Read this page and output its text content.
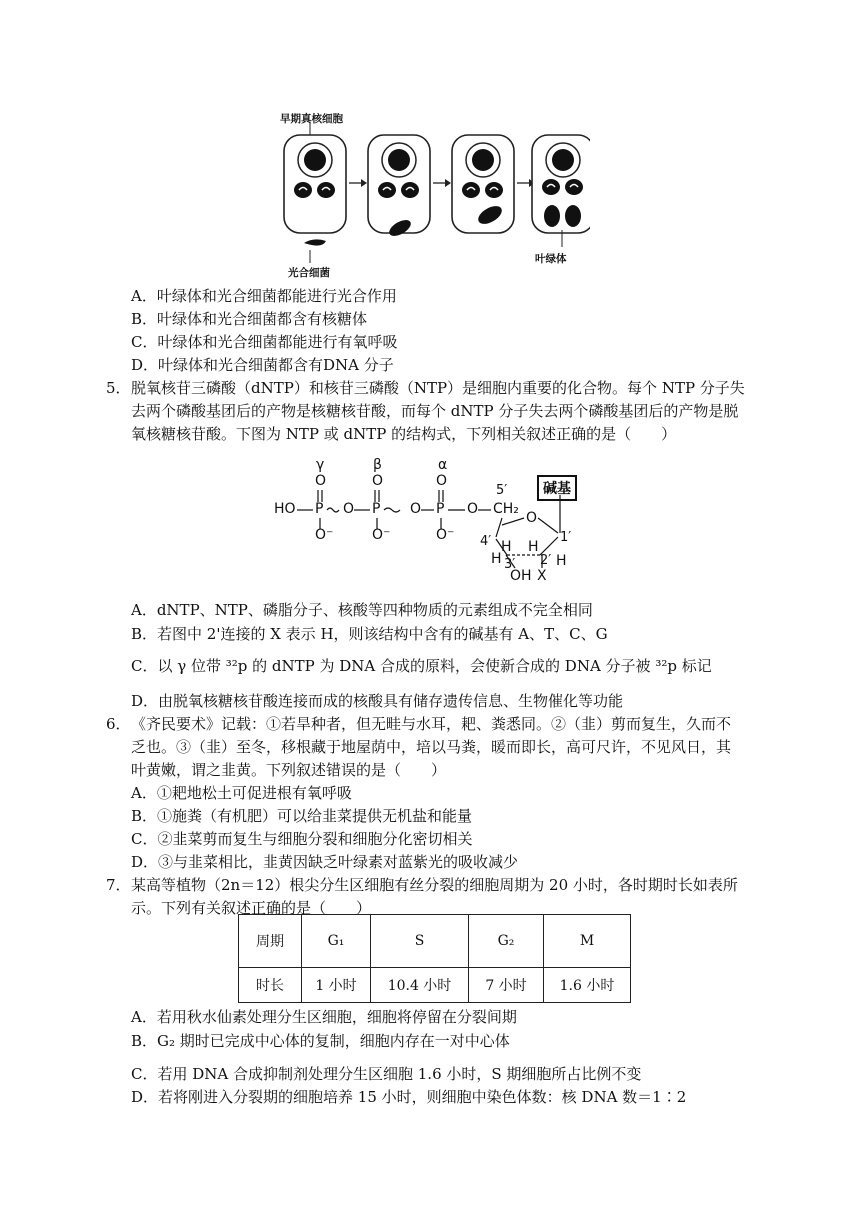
早期真核细胞
光合细菌
叶绿体
A．叶绿体和光合细菌都能进行光合作用
B．叶绿体和光合细菌都含有核糖体
C．叶绿体和光合细菌都能进行有氧呼吸
D．叶绿体和光合细菌都含有DNA 分子
5． 脱氧核苷三磷酸（dNTP）和核苷三磷酸（NTP）是细胞内重要的化合物。每个 NTP 分子失
去两个磷酸基团后的产物是核糖核苷酸，而每个 dNTP 分子失去两个磷酸基团后的产物是脱
氧核糖核苷酸。下图为 NTP 或 dNTP 的结构式，下列相关叙述正确的是（　　）
γ	β	α
O	O	O
HO P O P O P O CH₂
O⁻	O⁻	O⁻
5′	碱基
O
4′	1′
H H
H 3′ 2′ H
OH X
A．dNTP、NTP、磷脂分子、核酸等四种物质的元素组成不完全相同
B．若图中 2'连接的 X 表示 H，则该结构中含有的碱基有 A、T、C、G
C．以 γ 位带 ³²p 的 dNTP 为 DNA 合成的原料，会使新合成的 DNA 分子被 ³²p 标记
D．由脱氧核糖核苷酸连接而成的核酸具有储存遗传信息、生物催化等功能
6． 《齐民要术》记载：①若旱种者，但无畦与水耳，耙、粪悉同。②（韭）剪而复生，久而不
乏也。③（韭）至冬，移根藏于地屋荫中，培以马粪，暖而即长，高可尺许，不见风日，其
叶黄嫩，谓之韭黄。下列叙述错误的是（　　）
A．①耙地松土可促进根有氧呼吸
B．①施粪（有机肥）可以给韭菜提供无机盐和能量
C．②韭菜剪而复生与细胞分裂和细胞分化密切相关
D．③与韭菜相比，韭黄因缺乏叶绿素对蓝紫光的吸收减少
7． 某高等植物（2n＝12）根尖分生区细胞有丝分裂的细胞周期为 20 小时，各时期时长如表所
示。下列有关叙述正确的是（　　）
周期	G₁	S	G₂	M
时长	1 小时	10.4 小时	7 小时	1.6 小时
A．若用秋水仙素处理分生区细胞，细胞将停留在分裂间期
B．G₂ 期时已完成中心体的复制，细胞内存在一对中心体
C．若用 DNA 合成抑制剂处理分生区细胞 1.6 小时，S 期细胞所占比例不变
D．若将刚进入分裂期的细胞培养 15 小时，则细胞中染色体数：核 DNA 数＝1∶2
